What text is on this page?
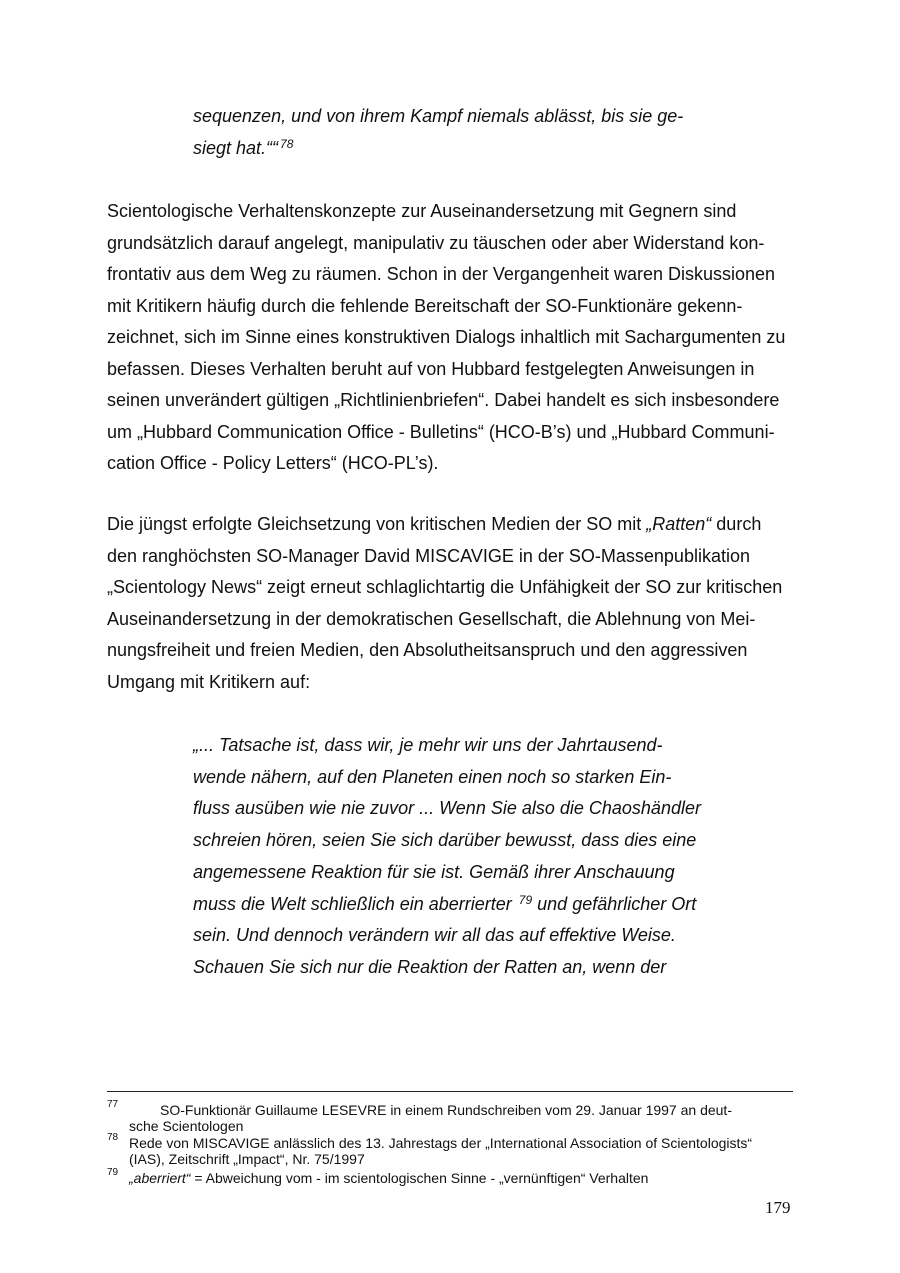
sequenzen, und von ihrem Kampf niemals ablässt, bis sie ge-
siegt hat.““ $^{78}$
Scientologische Verhaltenskonzepte zur Auseinandersetzung mit Gegnern sind
grundsätzlich darauf angelegt, manipulativ zu täuschen oder aber Widerstand kon-
frontativ aus dem Weg zu räumen. Schon in der Vergangenheit waren Diskussionen
mit Kritikern häufig durch die fehlende Bereitschaft der SO-Funktionäre gekenn-
zeichnet, sich im Sinne eines konstruktiven Dialogs inhaltlich mit Sachargumenten zu
befassen. Dieses Verhalten beruht auf von Hubbard festgelegten Anweisungen in
seinen unverändert gültigen „Richtlinienbriefen“. Dabei handelt es sich insbesondere
um „Hubbard Communication Office - Bulletins“ (HCO-B’s) und „Hubbard Communi-
cation Office - Policy Letters“ (HCO-PL’s).
Die jüngst erfolgte Gleichsetzung von kritischen Medien der SO mit „Ratten“ durch
den ranghöchsten SO-Manager David MISCAVIGE in der SO-Massenpublikation
„Scientology News“ zeigt erneut schlaglichtartig die Unfähigkeit der SO zur kritischen
Auseinandersetzung in der demokratischen Gesellschaft, die Ablehnung von Mei-
nungsfreiheit und freien Medien, den Absolutheitsanspruch und den aggressiven
Umgang mit Kritikern auf:
„... Tatsache ist, dass wir, je mehr wir uns der Jahrtausend-
wende nähern, auf den Planeten einen noch so starken Ein-
fluss ausüben wie nie zuvor ... Wenn Sie also die Chaoshändler
schreien hören, seien Sie sich darüber bewusst, dass dies eine
angemessene Reaktion für sie ist. Gemäß ihrer Anschauung
muss die Welt schließlich ein aberrierter $^{79}$ und gefährlicher Ort
sein. Und dennoch verändern wir all das auf effektive Weise.
Schauen Sie sich nur die Reaktion der Ratten an, wenn der
77	SO-Funktionär Guillaume LESEVRE in einem Rundschreiben vom 29. Januar 1997 an deut-
sche Scientologen
78 Rede von MISCAVIGE anlässlich des 13. Jahrestags der „International Association of Scientologists“
(IAS), Zeitschrift „Impact“, Nr. 75/1997
79 „aberriert“ = Abweichung vom - im scientologischen Sinne - „vernünftigen“ Verhalten
179
